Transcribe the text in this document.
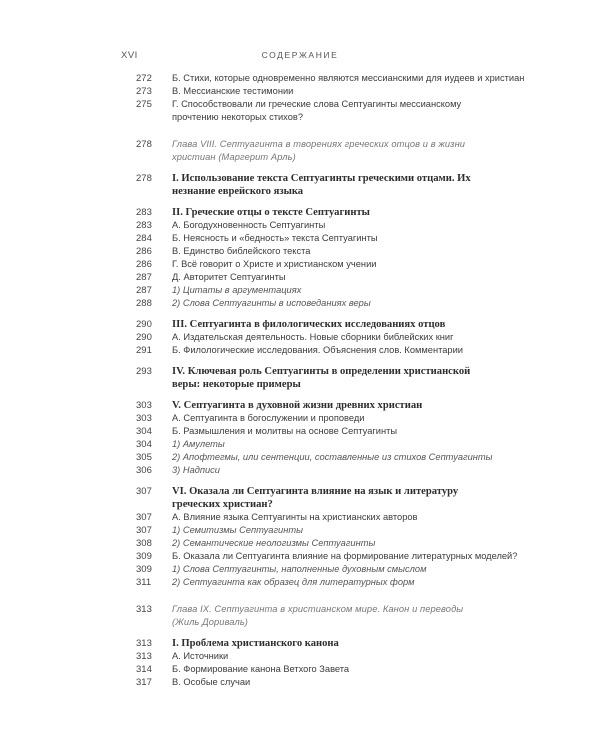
XVI	СОДЕРЖАНИЕ
272	Б. Стихи, которые одновременно являются мессианскими для иудеев и христиан
273	В. Мессианские тестимонии
275	Г. Способствовали ли греческие слова Септуагинты мессианскому прочтению некоторых стихов?
278	Глава VIII. Септуагинта в творениях греческих отцов и в жизни христиан (Маргерит Арль)
278	I. Использование текста Септуагинты греческими отцами. Их незнание еврейского языка
283	II. Греческие отцы о тексте Септуагинты
283	А. Богодухновенность Септуагинты
284	Б. Неясность и «бедность» текста Септуагинты
286	В. Единство библейского текста
286	Г. Всё говорит о Христе и христианском учении
287	Д. Авторитет Септуагинты
287	1) Цитаты в аргументациях
288	2) Слова Септуагинты в исповеданиях веры
290	III. Септуагинта в филологических исследованиях отцов
290	А. Издательская деятельность. Новые сборники библейских книг
291	Б. Филологические исследования. Объяснения слов. Комментарии
293	IV. Ключевая роль Септуагинты в определении христианской веры: некоторые примеры
303	V. Септуагинта в духовной жизни древних христиан
303	А. Септуагинта в богослужении и проповеди
304	Б. Размышления и молитвы на основе Септуагинты
304	1) Амулеты
305	2) Апофтегмы, или сентенции, составленные из стихов Септуагинты
306	3) Надписи
307	VI. Оказала ли Септуагинта влияние на язык и литературу греческих христиан?
307	А. Влияние языка Септуагинты на христианских авторов
307	1) Семитизмы Септуагинты
308	2) Семантические неологизмы Септуагинты
309	Б. Оказала ли Септуагинта влияние на формирование литературных моделей?
309	1) Слова Септуагинты, наполненные духовным смыслом
311	2) Септуагинта как образец для литературных форм
313	Глава IX. Септуагинта в христианском мире. Канон и переводы (Жиль Дориваль)
313	I. Проблема христианского канона
313	А. Источники
314	Б. Формирование канона Ветхого Завета
317	В. Особые случаи
